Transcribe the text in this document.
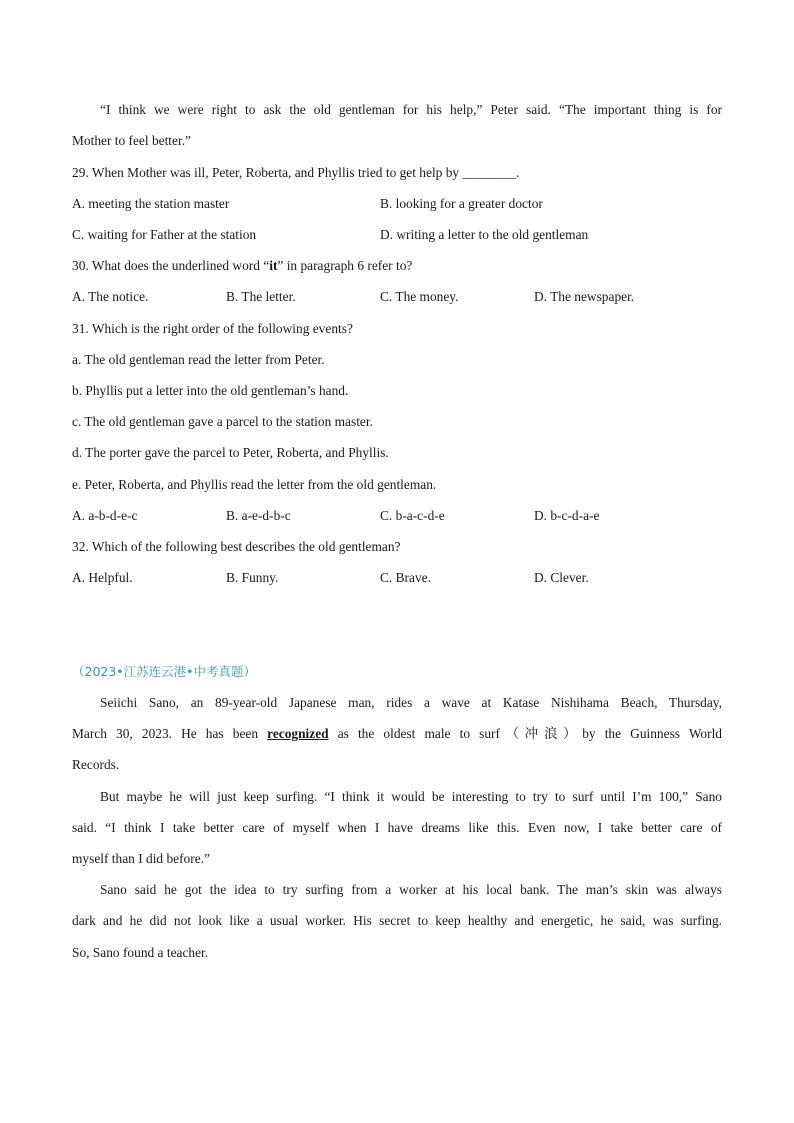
“I think we were right to ask the old gentleman for his help,” Peter said. “The important thing is for
Mother to feel better.”
29. When Mother was ill, Peter, Roberta, and Phyllis tried to get help by ________.
A. meeting the station master	B. looking for a greater doctor
C. waiting for Father at the station	D. writing a letter to the old gentleman
30. What does the underlined word “it” in paragraph 6 refer to?
A. The notice.	B. The letter.	C. The money.	D. The newspaper.
31. Which is the right order of the following events?
a. The old gentleman read the letter from Peter.
b. Phyllis put a letter into the old gentleman’s hand.
c. The old gentleman gave a parcel to the station master.
d. The porter gave the parcel to Peter, Roberta, and Phyllis.
e. Peter, Roberta, and Phyllis read the letter from the old gentleman.
A. a-b-d-e-c	B. a-e-d-b-c	C. b-a-c-d-e	D. b-c-d-a-e
32. Which of the following best describes the old gentleman?
A. Helpful.	B. Funny.	C. Brave.	D. Clever.
（2023•江苏连云港•中考真题）
Seiichi Sano, an 89-year-old Japanese man, rides a wave at Katase Nishihama Beach, Thursday,
March 30, 2023. He has been recognized as the oldest male to surf（冲浪）by the Guinness World
Records.
But maybe he will just keep surfing. “I think it would be interesting to try to surf until I’m 100,” Sano
said. “I think I take better care of myself when I have dreams like this. Even now, I take better care of
myself than I did before.”
Sano said he got the idea to try surfing from a worker at his local bank. The man’s skin was always
dark and he did not look like a usual worker. His secret to keep healthy and energetic, he said, was surfing.
So, Sano found a teacher.
